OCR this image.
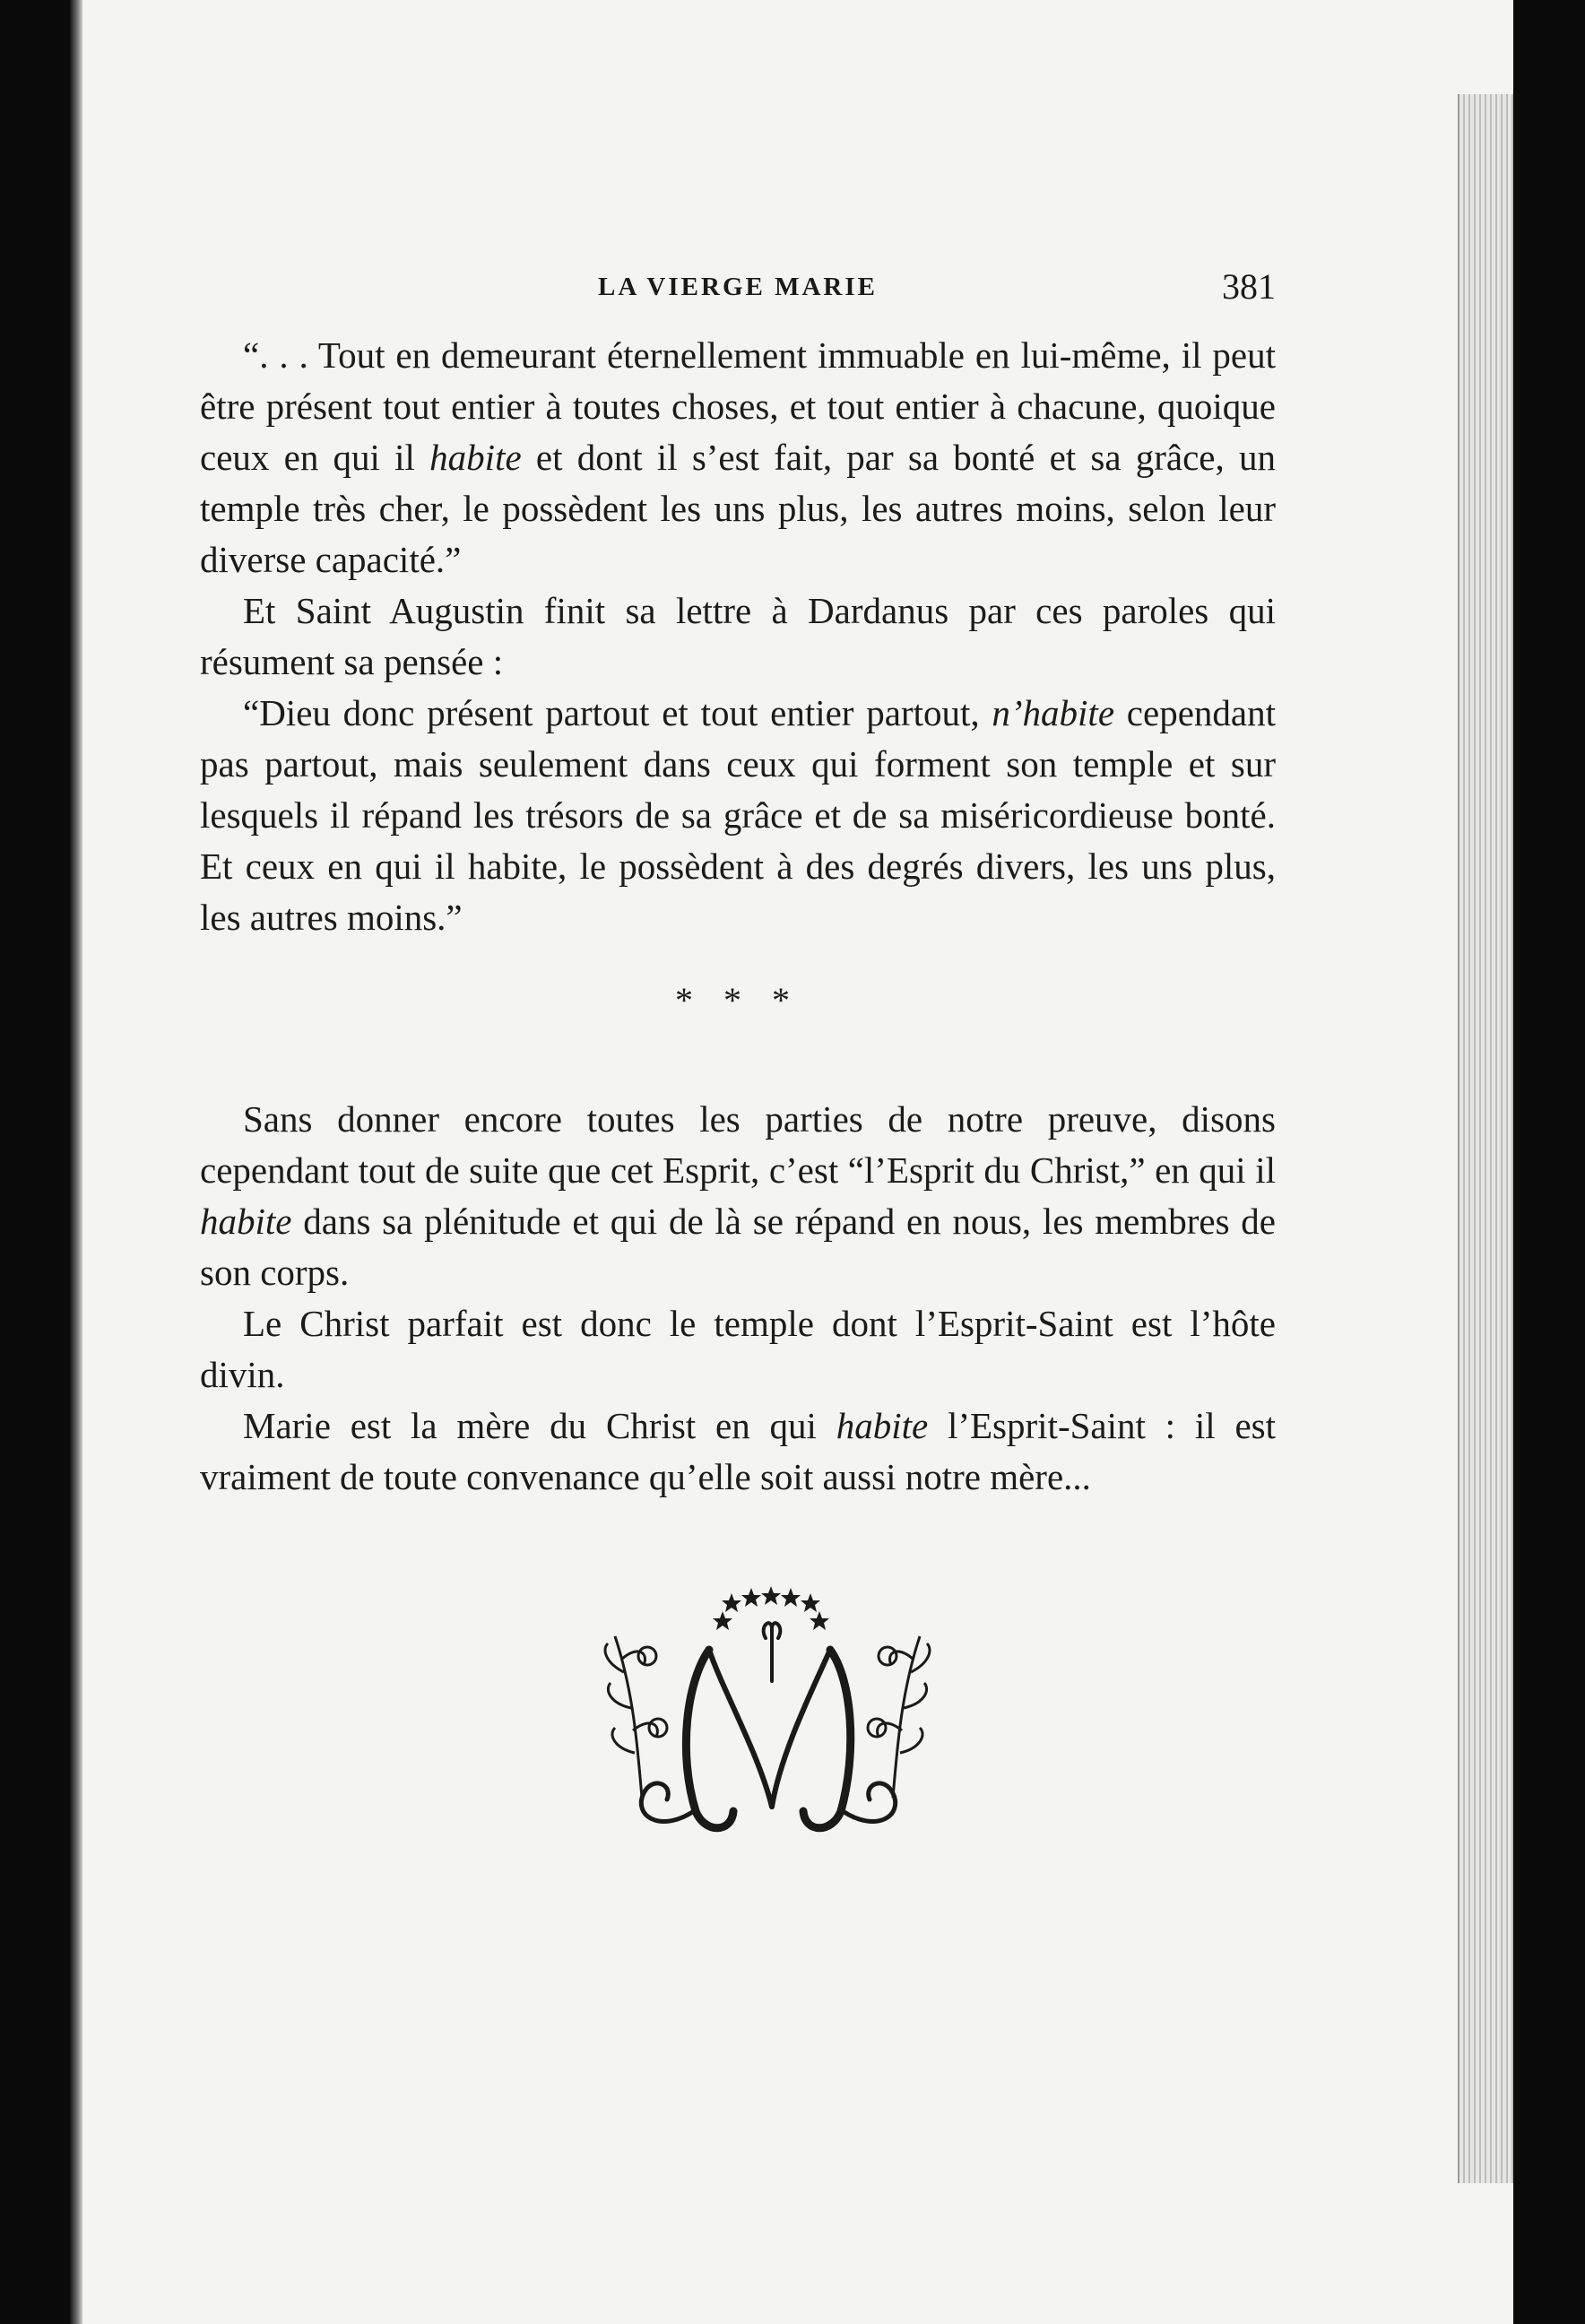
LA VIERGE MARIE	381

“. . . Tout en demeurant éternellement immuable en lui-même, il peut être présent tout entier à toutes choses, et tout entier à chacune, quoique ceux en qui il habite et dont il s’est fait, par sa bonté et sa grâce, un temple très cher, le possèdent les uns plus, les autres moins, selon leur diverse capacité.”

Et Saint Augustin finit sa lettre à Dardanus par ces paroles qui résument sa pensée :

“Dieu donc présent partout et tout entier partout, n’habite cependant pas partout, mais seulement dans ceux qui forment son temple et sur lesquels il répand les trésors de sa grâce et de sa miséricordieuse bonté. Et ceux en qui il habite, le possèdent à des degrés divers, les uns plus, les autres moins.”

* * *

Sans donner encore toutes les parties de notre preuve, disons cependant tout de suite que cet Esprit, c’est “l’Esprit du Christ,” en qui il habite dans sa plénitude et qui de là se répand en nous, les membres de son corps.

Le Christ parfait est donc le temple dont l’Esprit-Saint est l’hôte divin.

Marie est la mère du Christ en qui habite l’Esprit-Saint : il est vraiment de toute convenance qu’elle soit aussi notre mère...
